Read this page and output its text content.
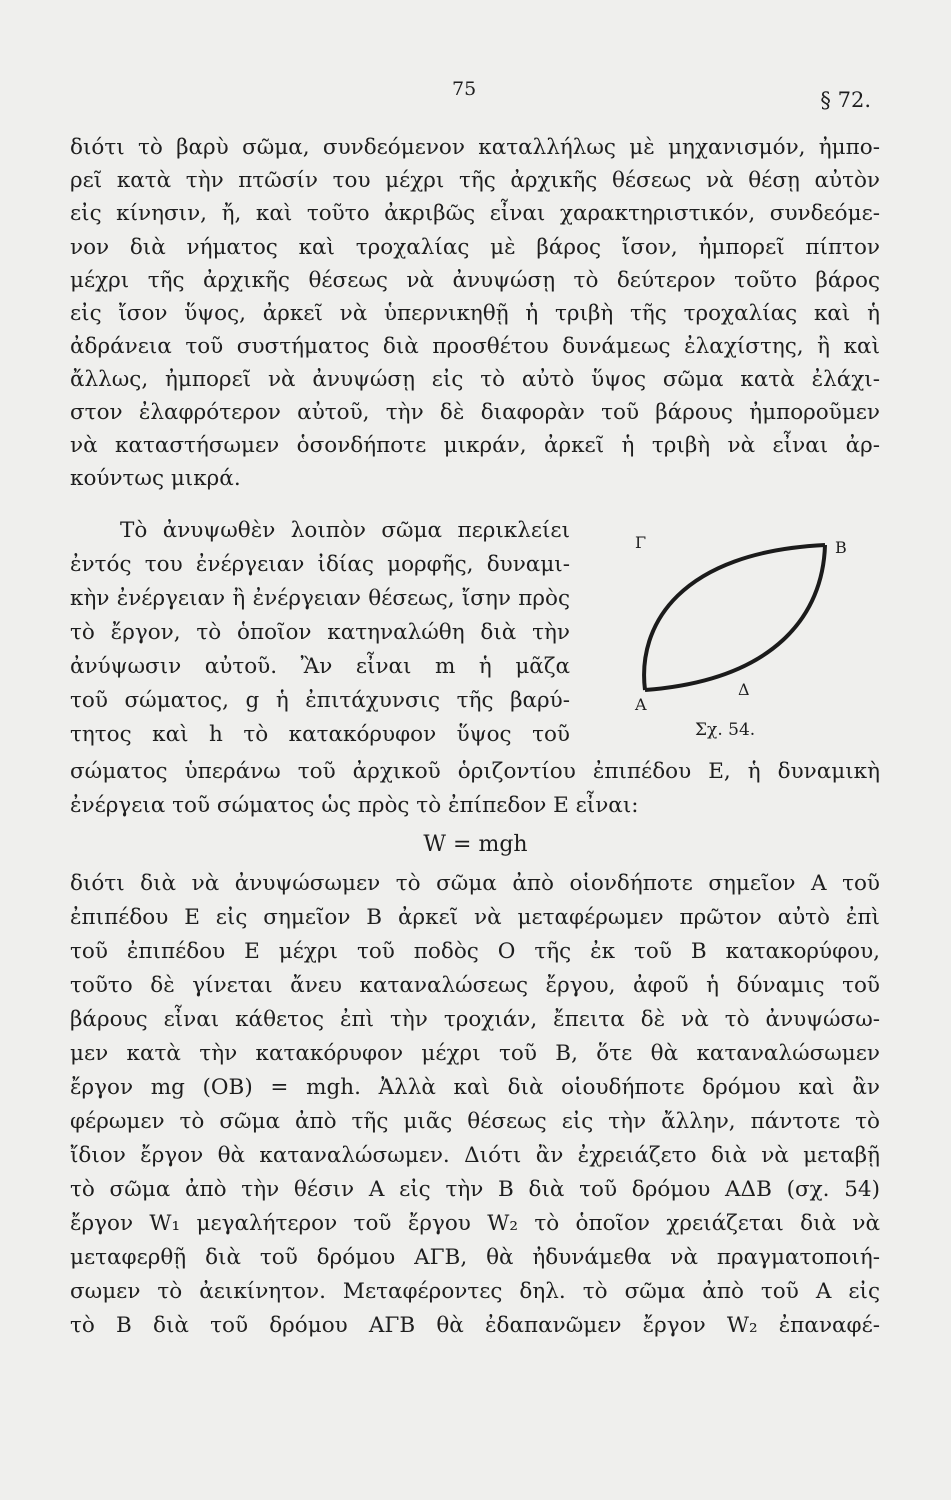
75	§ 72.
διότι τὸ βαρὺ σῶμα, συνδεόμενον καταλλήλως μὲ μηχανισμόν, ἠμπο-
ρεῖ κατὰ τὴν πτῶσίν του μέχρι τῆς ἀρχικῆς θέσεως νὰ θέσῃ αὐτὸν
εἰς κίνησιν, ἤ, καὶ τοῦτο ἀκριβῶς εἶναι χαρακτηριστικόν, συνδεόμε-
νον διὰ νήματος καὶ τροχαλίας μὲ βάρος ἴσον, ἠμπορεῖ πίπτον
μέχρι τῆς ἀρχικῆς θέσεως νὰ ἀνυψώσῃ τὸ δεύτερον τοῦτο βάρος
εἰς ἴσον ὕψος, ἀρκεῖ νὰ ὑπερνικηθῇ ἡ τριβὴ τῆς τροχαλίας καὶ ἡ
ἀδράνεια τοῦ συστήματος διὰ προσθέτου δυνάμεως ἐλαχίστης, ἢ καὶ
ἄλλως, ἠμπορεῖ νὰ ἀνυψώσῃ εἰς τὸ αὐτὸ ὕψος σῶμα κατὰ ἐλάχι-
στον ἐλαφρότερον αὐτοῦ, τὴν δὲ διαφορὰν τοῦ βάρους ἠμποροῦμεν
νὰ καταστήσωμεν ὁσονδήποτε μικράν, ἀρκεῖ ἡ τριβὴ νὰ εἶναι ἀρ-
κούντως μικρά.
Τὸ ἀνυψωθὲν λοιπὸν σῶμα περικλείει
ἐντός του ἐνέργειαν ἰδίας μορφῆς, δυναμι-
κὴν ἐνέργειαν ἢ ἐνέργειαν θέσεως, ἴσην πρὸς
τὸ ἔργον, τὸ ὁποῖον κατηναλώθη διὰ τὴν
ἀνύψωσιν αὐτοῦ. Ἂν εἶναι m ἡ μᾶζα
τοῦ σώματος, g ἡ ἐπιτάχυνσις τῆς βαρύ-
τητος καὶ h τὸ κατακόρυφον ὕψος τοῦ
σώματος ὑπεράνω τοῦ ἀρχικοῦ ὁριζοντίου ἐπιπέδου E, ἡ δυναμικὴ
ἐνέργεια τοῦ σώματος ὡς πρὸς τὸ ἐπίπεδον E εἶναι:
W = mgh
διότι διὰ νὰ ἀνυψώσωμεν τὸ σῶμα ἀπὸ οἱονδήποτε σημεῖον A τοῦ
ἐπιπέδου E εἰς σημεῖον B ἀρκεῖ νὰ μεταφέρωμεν πρῶτον αὐτὸ ἐπὶ
τοῦ ἐπιπέδου E μέχρι τοῦ ποδὸς O τῆς ἐκ τοῦ B κατακορύφου,
τοῦτο δὲ γίνεται ἄνευ καταναλώσεως ἔργου, ἀφοῦ ἡ δύναμις τοῦ
βάρους εἶναι κάθετος ἐπὶ τὴν τροχιάν, ἔπειτα δὲ νὰ τὸ ἀνυψώσω-
μεν κατὰ τὴν κατακόρυφον μέχρι τοῦ B, ὅτε θὰ καταναλώσωμεν
ἔργον mg (OB) = mgh. Ἀλλὰ καὶ διὰ οἱουδήποτε δρόμου καὶ ἂν
φέρωμεν τὸ σῶμα ἀπὸ τῆς μιᾶς θέσεως εἰς τὴν ἄλλην, πάντοτε τὸ
ἴδιον ἔργον θὰ καταναλώσωμεν. Διότι ἂν ἐχρειάζετο διὰ νὰ μεταβῇ
τὸ σῶμα ἀπὸ τὴν θέσιν A εἰς τὴν B διὰ τοῦ δρόμου AΔB (σχ. 54)
ἔργον W₁ μεγαλήτερον τοῦ ἔργου W₂ τὸ ὁποῖον χρειάζεται διὰ νὰ
μεταφερθῇ διὰ τοῦ δρόμου AΓB, θὰ ἠδυνάμεθα νὰ πραγματοποιή-
σωμεν τὸ ἀεικίνητον. Μεταφέροντες δηλ. τὸ σῶμα ἀπὸ τοῦ A εἰς
τὸ B διὰ τοῦ δρόμου AΓB θὰ ἐδαπανῶμεν ἔργον W₂ ἐπαναφέ-
Γ	B
A
Δ
Σχ. 54.
